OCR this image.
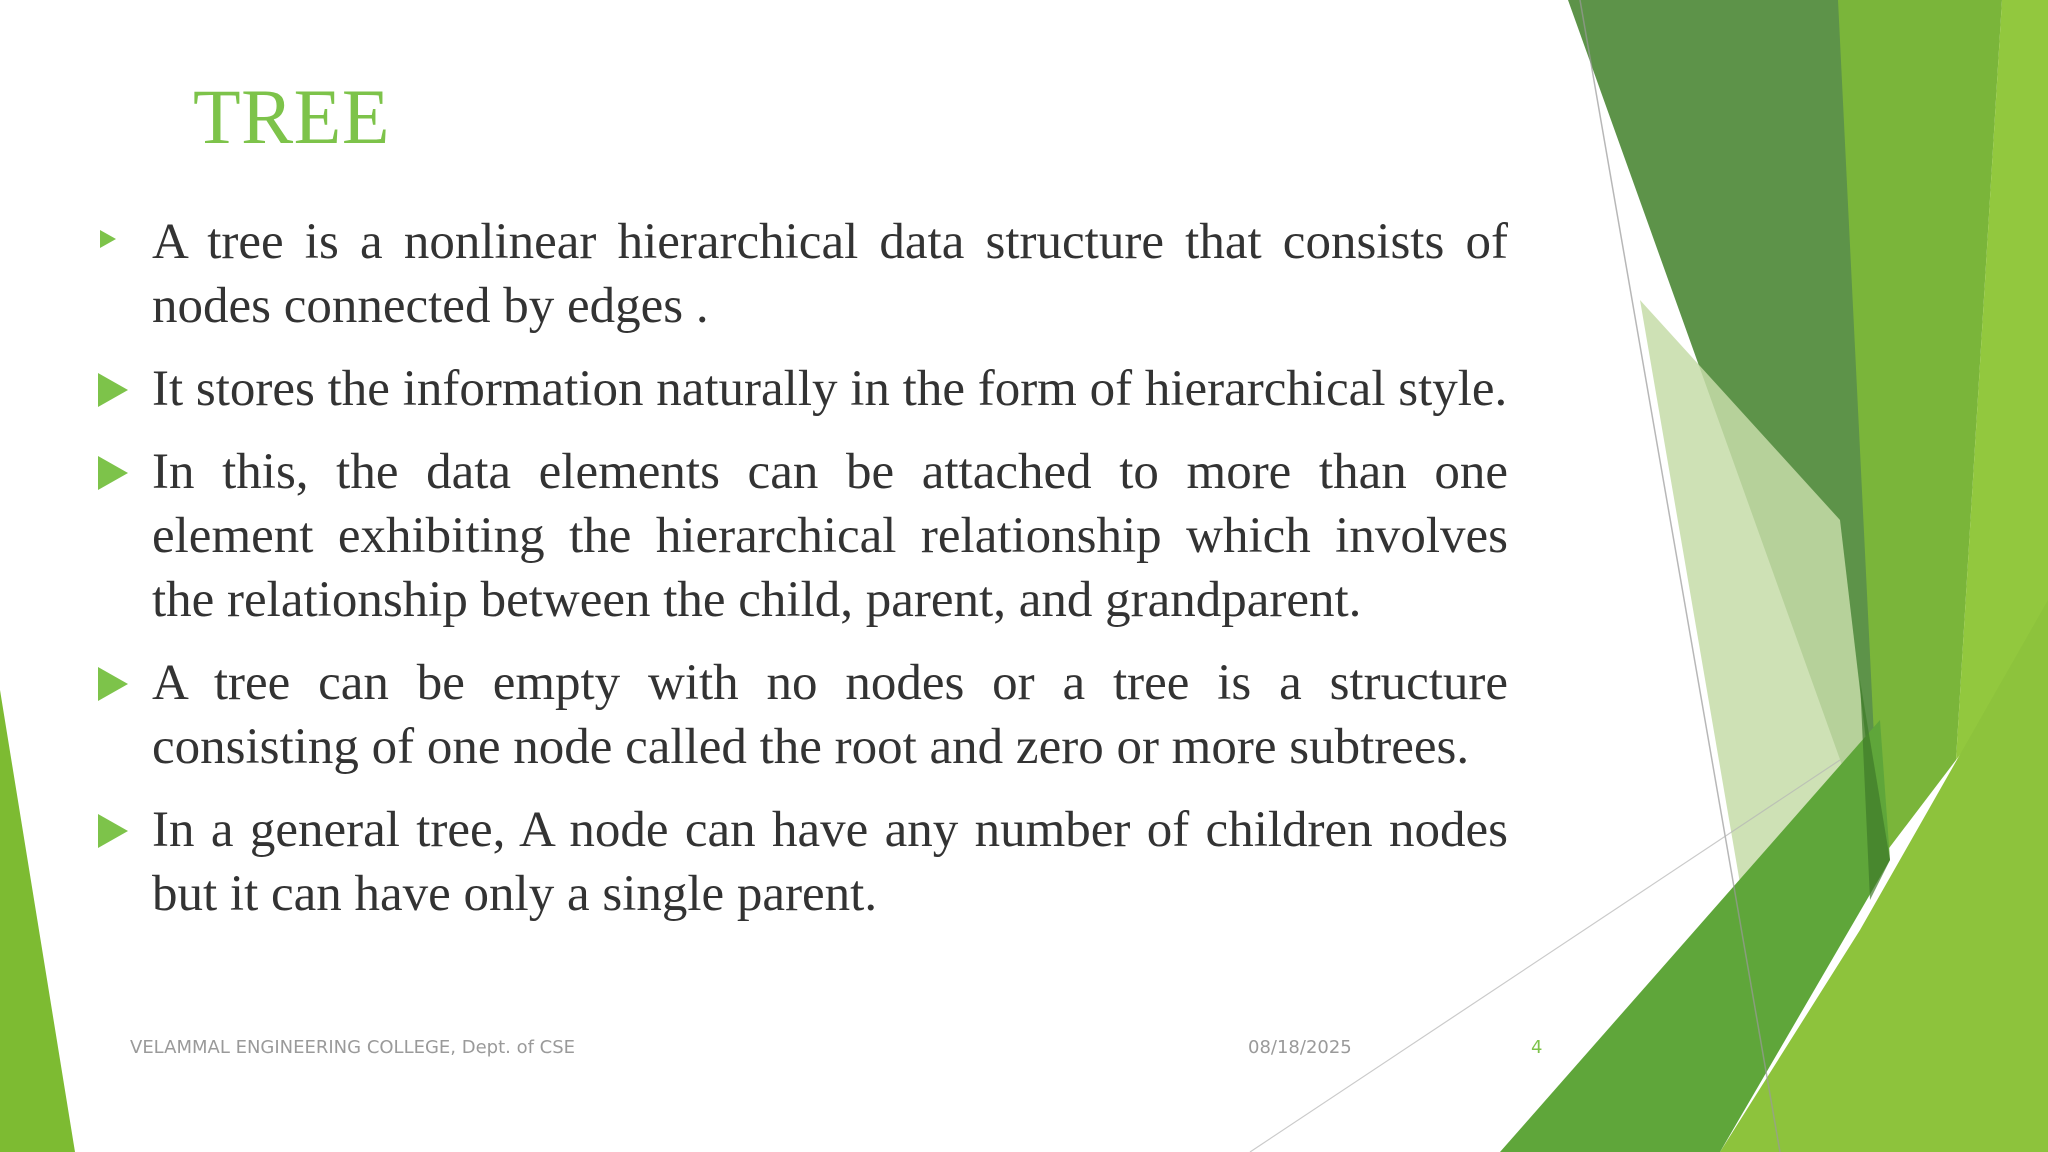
TREE
A tree is a nonlinear hierarchical data structure that consists of nodes connected by edges .
It stores the information naturally in the form of hierarchical style.
In this, the data elements can be attached to more than one element exhibiting the hierarchical relationship which involves the relationship between the child, parent, and grandparent.
A tree can be empty with no nodes or a tree is a structure consisting of one node called the root and zero or more subtrees.
In a general tree, A node can have any number of children nodes but it can have only a single parent.
VELAMMAL ENGINEERING COLLEGE, Dept. of CSE	08/18/2025	4
